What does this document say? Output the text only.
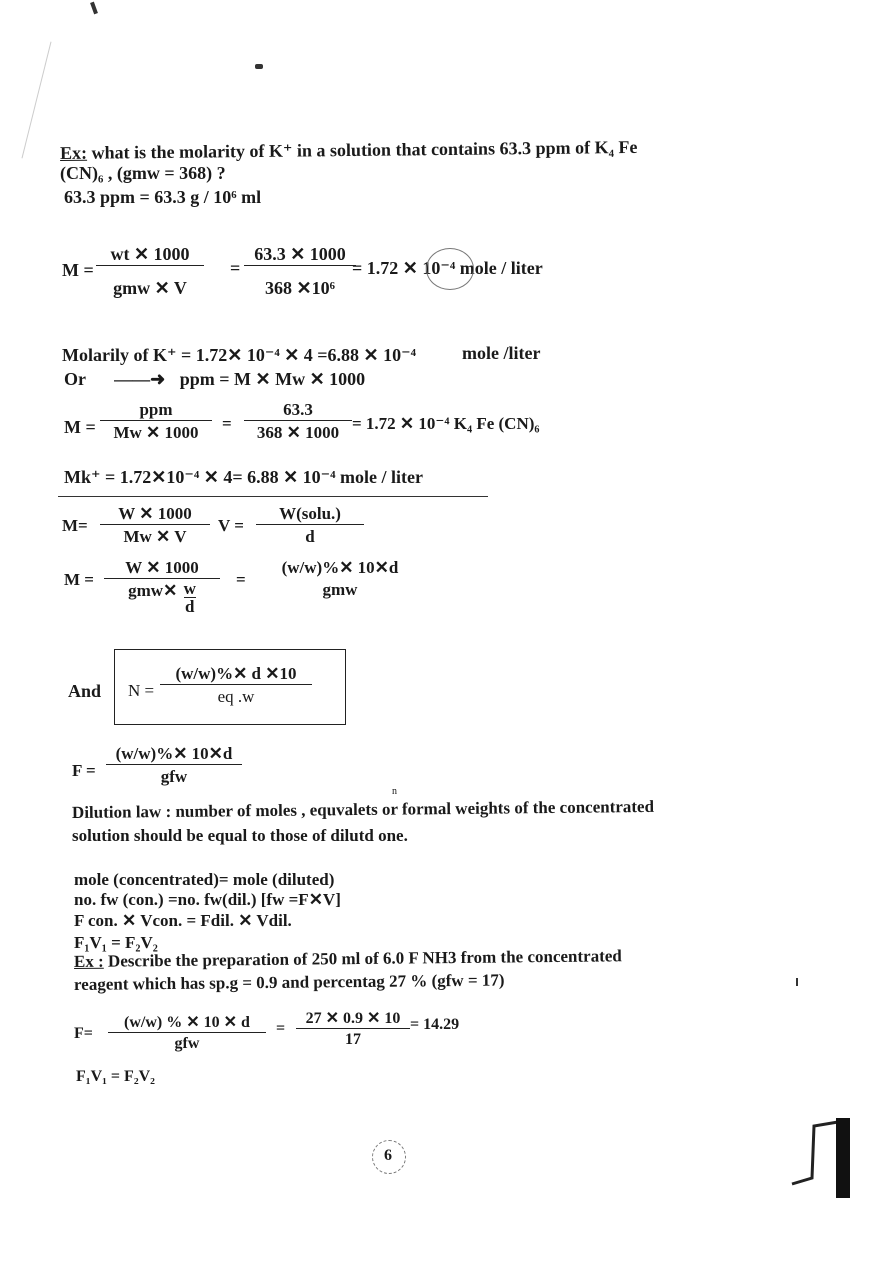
Ex: what is the molarity of K⁺ in a solution that contains 63.3 ppm of K₄ Fe
(CN)₆ , (gmw = 368) ?
63.3 ppm = 63.3 g / 10⁶ ml
M =
wt ✕ 1000
gmw ✕ V
= $\frac{63.3 ✕ 1000}{\text{368 ✕10⁶}}$
= 1.72 ✕ 10⁻⁴ mole / liter
Molarily of K⁺ = 1.72✕ 10⁻⁴ ✕ 4 =6.88 ✕ 10⁻⁴	mole /liter
Or ——➜ ppm = M ✕ Mw ✕ 1000
M =
ppm
Mw ✕ 1000	= $\frac{63.3}{368 ✕ 1000} = 1.72$ ✕ 10⁻⁴ K₄ Fe (CN)₆
Mk⁺ = 1.72✕10⁻⁴ ✕ 4= 6.88 ✕ 10⁻⁴ mole / liter
$M= \frac{W ✕ 1000}{Mw ✕ V}$ V =
W(solu.)
d
M =
W ✕ 1000
gmw✕ $\frac{w}{d}$
=
(w/w)%✕ 10✕d
gmw
And $N = \frac{(w/w)\%✕ d ✕10}{eq .w}$
F =
(w/w)%✕ 10✕d
gfw
n
Dilution law : number of moles , equvalets or formal weights of the concentrated
solution should be equal to those of dilutd one.
mole (concentrated)= mole (diluted)
no. fw (con.) =no. fw(dil.) [fw =F✕V]
F con. ✕ Vcon. = Fdil. ✕ Vdil.
F₁V₁ = F₂V₂
Ex : Describe the preparation of 250 ml of 6.0 F NH3 from the concentrated
reagent which has sp.g = 0.9 and percentag 27 % (gfw = 17)
F=
(w/w) % ✕ 10 ✕ d
gfw
= $\frac{27 ✕ 0.9 ✕ 10}{17} = 14.29$
F₁V₁ = F₂V₂
6
